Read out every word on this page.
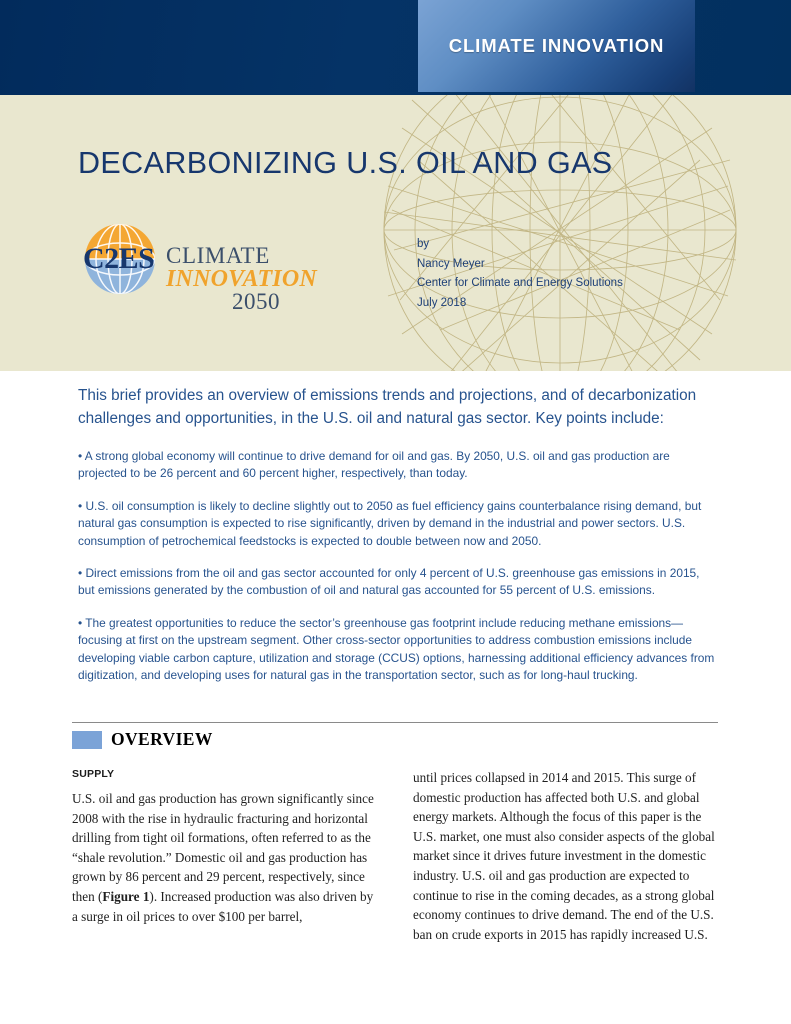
CLIMATE INNOVATION
DECARBONIZING U.S. OIL AND GAS
C2ES CLIMATE
INNOVATION
2050
by
Nancy Meyer
Center for Climate and Energy Solutions
July 2018

This brief provides an overview of emissions trends and projections, and of decarbonization challenges and opportunities, in the U.S. oil and natural gas sector. Key points include:

• A strong global economy will continue to drive demand for oil and gas. By 2050, U.S. oil and gas production are projected to be 26 percent and 60 percent higher, respectively, than today.

• U.S. oil consumption is likely to decline slightly out to 2050 as fuel efficiency gains counterbalance rising demand, but natural gas consumption is expected to rise significantly, driven by demand in the industrial and power sectors. U.S. consumption of petrochemical feedstocks is expected to double between now and 2050.

• Direct emissions from the oil and gas sector accounted for only 4 percent of U.S. greenhouse gas emissions in 2015, but emissions generated by the combustion of oil and natural gas accounted for 55 percent of U.S. emissions.

• The greatest opportunities to reduce the sector’s greenhouse gas footprint include reducing methane emissions—focusing at first on the upstream segment. Other cross-sector opportunities to address combustion emissions include developing viable carbon capture, utilization and storage (CCUS) options, harnessing additional efficiency advances from digitization, and developing uses for natural gas in the transportation sector, such as for long-haul trucking.

OVERVIEW
SUPPLY

U.S. oil and gas production has grown significantly since 2008 with the rise in hydraulic fracturing and horizontal drilling from tight oil formations, often referred to as the “shale revolution.” Domestic oil and gas production has grown by 86 percent and 29 percent, respectively, since then (Figure 1). Increased production was also driven by a surge in oil prices to over $100 per barrel,

until prices collapsed in 2014 and 2015. This surge of domestic production has affected both U.S. and global energy markets. Although the focus of this paper is the U.S. market, one must also consider aspects of the global market since it drives future investment in the domestic industry. U.S. oil and gas production are expected to continue to rise in the coming decades, as a strong global economy continues to drive demand. The end of the U.S. ban on crude exports in 2015 has rapidly increased U.S.
